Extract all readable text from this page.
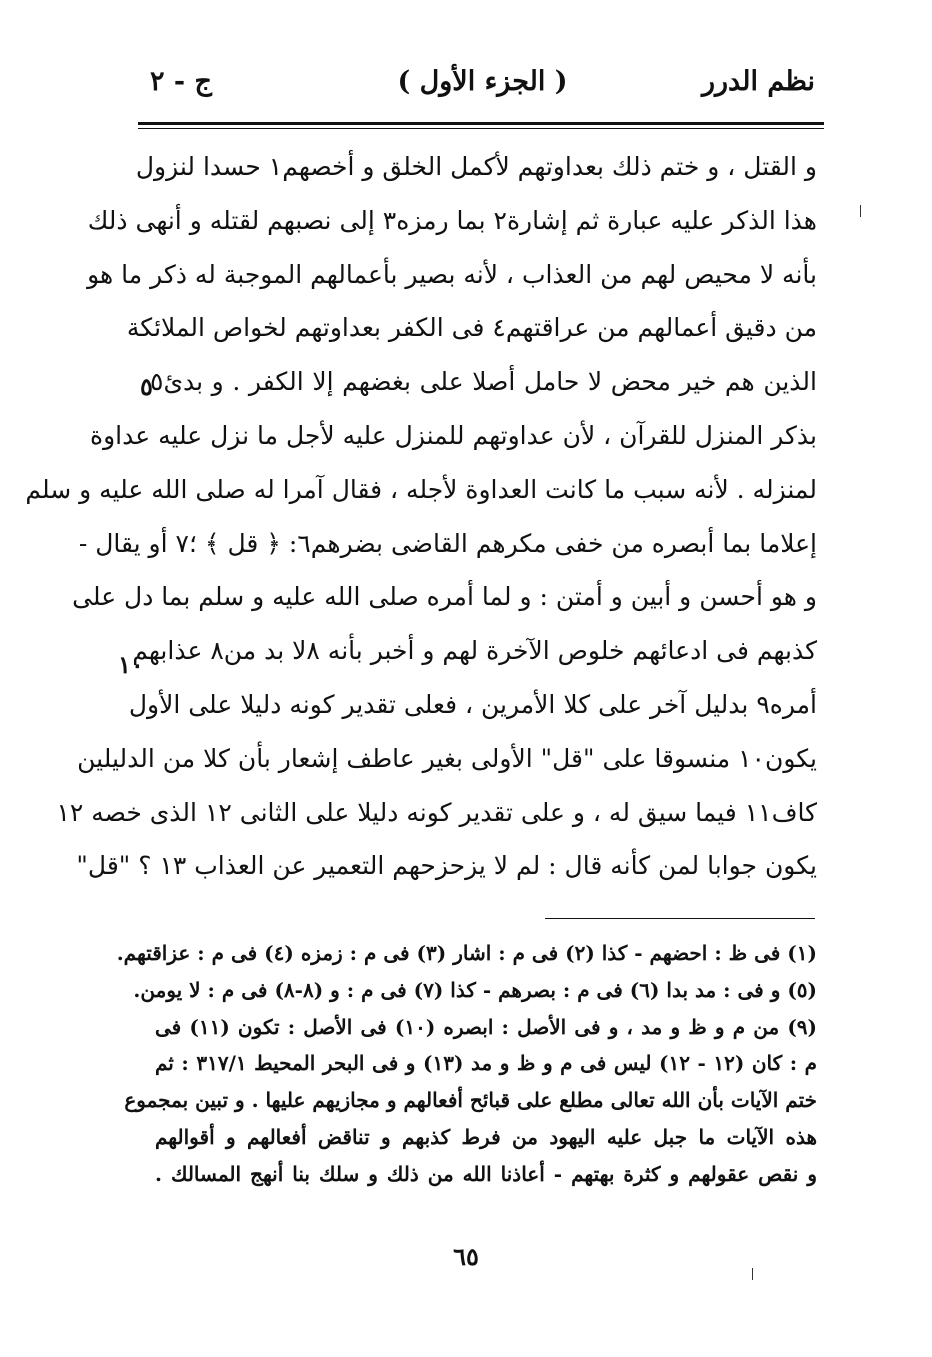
نظم الدرر
( الجزء الأول )
ج - ٢
و القتل ، و ختم ذلك بعداوتهم لأكمل الخلق و أخصهم١ حسدا لنزول
هذا الذكر عليه عبارة ثم إشارة٢ بما رمزه٣ إلى نصبهم لقتله و أنهى ذلك
بأنه لا محيص لهم من العذاب ، لأنه بصير بأعمالهم الموجبة له ذكر ما هو
من دقيق أعمالهم من عراقتهم٤ فى الكفر بعداوتهم لخواص الملائكة
الذين هم خير محض لا حامل أصلا على بغضهم إلا الكفر . و بدئ٥
بذكر المنزل للقرآن ، لأن عداوتهم للمنزل عليه لأجل ما نزل عليه عداوة
لمنزله . لأنه سبب ما كانت العداوة لأجله ، فقال آمرا له صلى الله عليه و سلم
إعلاما بما أبصره من خفى مكرهم القاضى بضرهم٦: ﴿ قل ﴾ ؛٧ أو يقال -
و هو أحسن و أبين و أمتن : و لما أمره صلى الله عليه و سلم بما دل على
كذبهم فى ادعائهم خلوص الآخرة لهم و أخبر بأنه ٨لا بد من٨ عذابهم
أمره٩ بدليل آخر على كلا الأمرين ، فعلى تقدير كونه دليلا على الأول
يكون١٠ منسوقا على "قل" الأولى بغير عاطف إشعار بأن كلا من الدليلين
كاف١١ فيما سيق له ، و على تقدير كونه دليلا على الثانى ١٢ الذى خصه ١٢
يكون جوابا لمن كأنه قال : لم لا يزحزحهم التعمير عن العذاب ١٣ ؟ "قل"
٥
١٠
(١) فى ظ : احضهم - كذا (٢) فى م : اشار (٣) فى م : زمزه (٤) فى م : عزاقتهم.
(٥) و فى : مد بدا (٦) فى م : بصرهم - كذا (٧) فى م : و (٨-٨) فى م : لا يومن.
(٩) من م و ظ و مد ، و فى الأصل : ابصره (١٠) فى الأصل : تكون (١١) فى
م : كان (١٢ - ١٢) ليس فى م و ظ و مد (١٣) و فى البحر المحيط ٣١٧/١ : ثم
ختم الآيات بأن الله تعالى مطلع على قبائح أفعالهم و مجازيهم عليها . و تبين بمجموع
هذه الآيات ما جبل عليه اليهود من فرط كذبهم و تناقض أفعالهم و أقوالهم
و نقص عقولهم و كثرة بهتهم - أعاذنا الله من ذلك و سلك بنا أنهج المسالك .
٦٥
